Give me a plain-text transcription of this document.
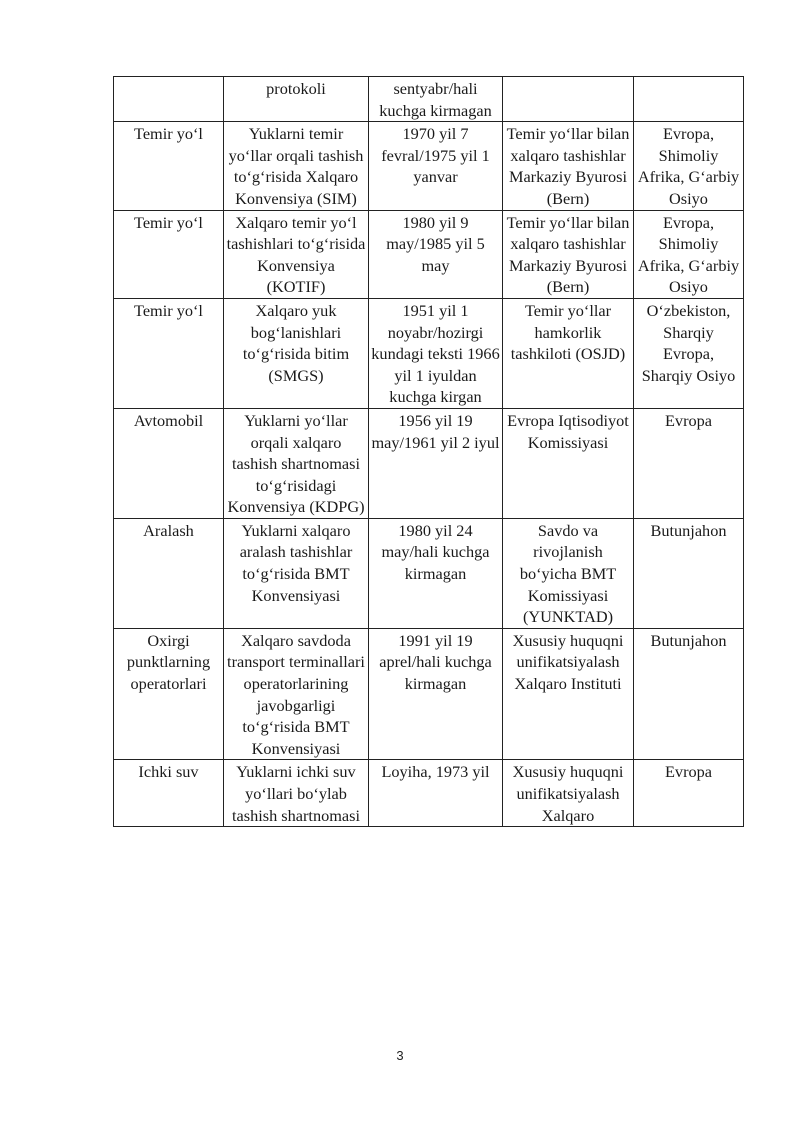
	protokoli	sentyabr/hali kuchga kirmagan		
Temir yo‘l	Yuklarni temir yo‘llar orqali tashish to‘g‘risida Xalqaro Konvensiya (SIM)	1970 yil 7 fevral/1975 yil 1 yanvar	Temir yo‘llar bilan xalqaro tashishlar Markaziy Byurosi (Bern)	Evropa, Shimoliy Afrika, G‘arbiy Osiyo
Temir yo‘l	Xalqaro temir yo‘l tashishlari to‘g‘risida Konvensiya (KOTIF)	1980 yil 9 may/1985 yil 5 may	Temir yo‘llar bilan xalqaro tashishlar Markaziy Byurosi (Bern)	Evropa, Shimoliy Afrika, G‘arbiy Osiyo
Temir yo‘l	Xalqaro yuk bog‘lanishlari to‘g‘risida bitim (SMGS)	1951 yil 1 noyabr/hozirgi kundagi teksti 1966 yil 1 iyuldan kuchga kirgan	Temir yo‘llar hamkorlik tashkiloti (OSJD)	O‘zbekiston, Sharqiy Evropa, Sharqiy Osiyo
Avtomobil	Yuklarni yo‘llar orqali xalqaro tashish shartnomasi to‘g‘risidagi Konvensiya (KDPG)	1956 yil 19 may/1961 yil 2 iyul	Evropa Iqtisodiyot Komissiyasi	Evropa
Aralash	Yuklarni xalqaro aralash tashishlar to‘g‘risida BMT Konvensiyasi	1980 yil 24 may/hali kuchga kirmagan	Savdo va rivojlanish bo‘yicha BMT Komissiyasi (YUNKTAD)	Butunjahon
Oxirgi punktlarning operatorlari	Xalqaro savdoda transport terminallari operatorlarining javobgarligi to‘g‘risida BMT Konvensiyasi	1991 yil 19 aprel/hali kuchga kirmagan	Xususiy huquqni unifikatsiyalash Xalqaro Instituti	Butunjahon
Ichki suv	Yuklarni ichki suv yo‘llari bo‘ylab tashish shartnomasi	Loyiha, 1973 yil	Xususiy huquqni unifikatsiyalash Xalqaro	Evropa
3
